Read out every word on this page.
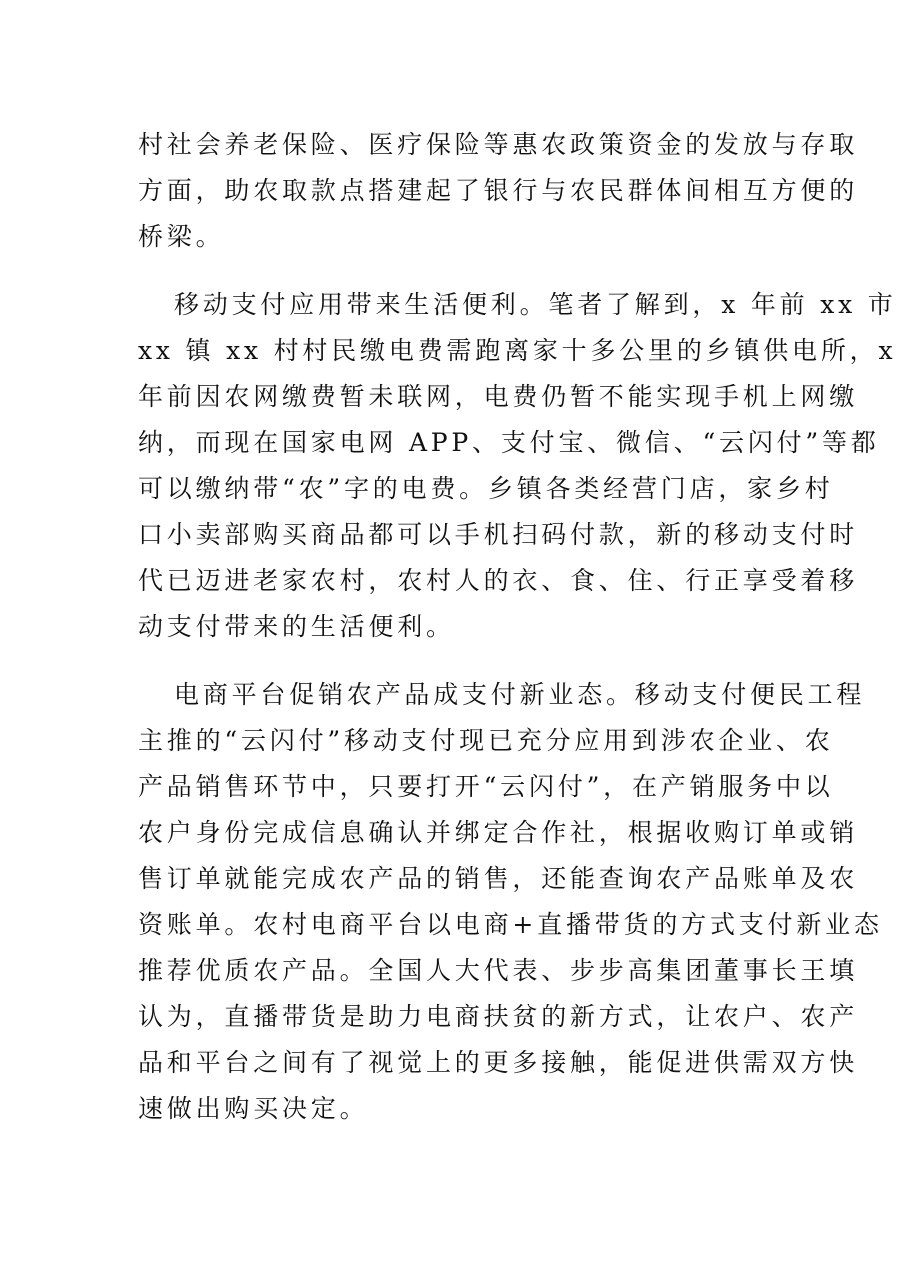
村社会养老保险、医疗保险等惠农政策资金的发放与存取
方面，助农取款点搭建起了银行与农民群体间相互方便的
桥梁。
移动支付应用带来生活便利。笔者了解到，x 年前 xx 市
xx 镇 xx 村村民缴电费需跑离家十多公里的乡镇供电所，x
年前因农网缴费暂未联网，电费仍暂不能实现手机上网缴
纳，而现在国家电网 APP、支付宝、微信、“云闪付”等都
可以缴纳带“农”字的电费。乡镇各类经营门店，家乡村
口小卖部购买商品都可以手机扫码付款，新的移动支付时
代已迈进老家农村，农村人的衣、食、住、行正享受着移
动支付带来的生活便利。
电商平台促销农产品成支付新业态。移动支付便民工程
主推的“云闪付”移动支付现已充分应用到涉农企业、农
产品销售环节中，只要打开“云闪付”，在产销服务中以
农户身份完成信息确认并绑定合作社，根据收购订单或销
售订单就能完成农产品的销售，还能查询农产品账单及农
资账单。农村电商平台以电商+直播带货的方式支付新业态
推荐优质农产品。全国人大代表、步步高集团董事长王填
认为，直播带货是助力电商扶贫的新方式，让农户、农产
品和平台之间有了视觉上的更多接触，能促进供需双方快
速做出购买决定。
